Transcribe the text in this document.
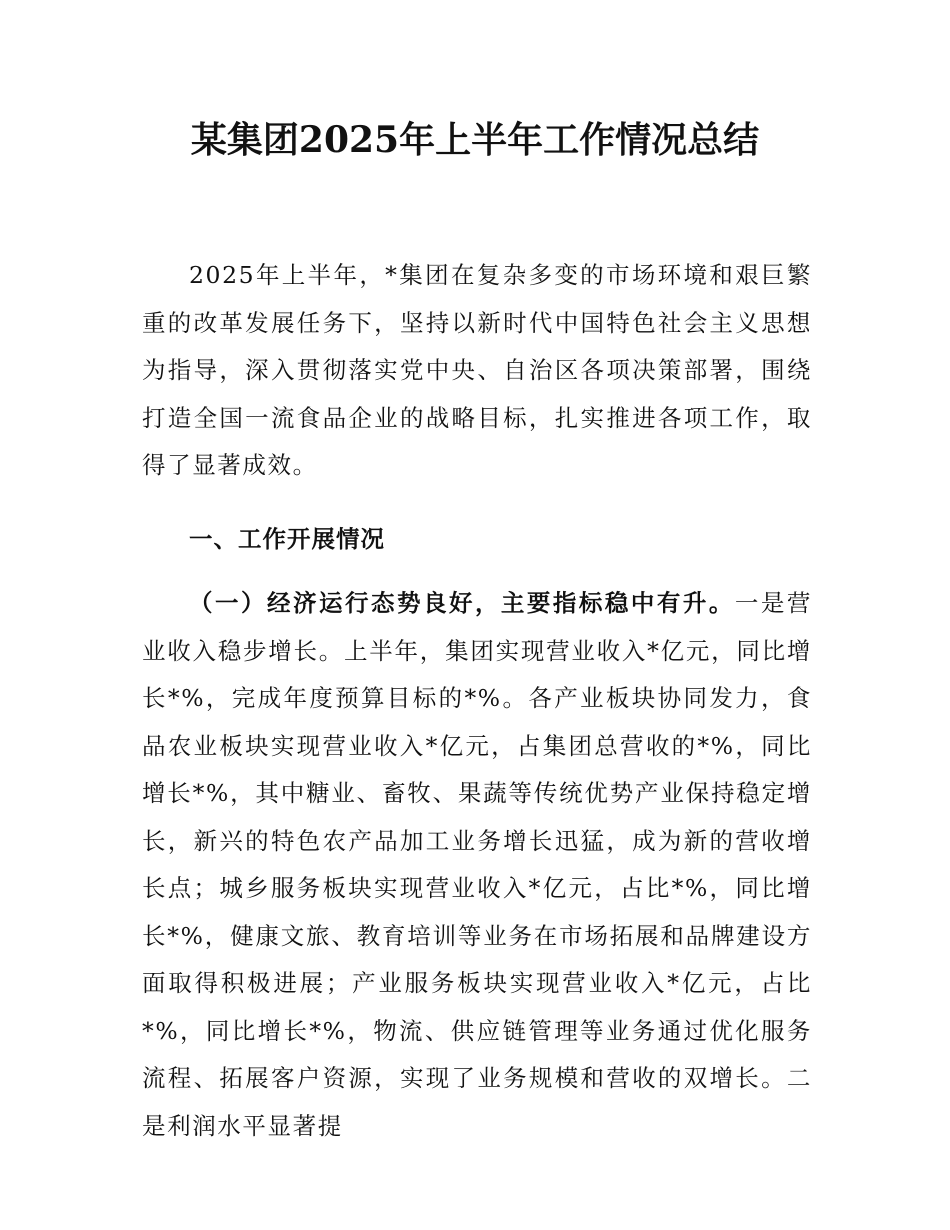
某集团2025年上半年工作情况总结

2025年上半年，*集团在复杂多变的市场环境和艰巨繁重的改革发展任务下，坚持以新时代中国特色社会主义思想为指导，深入贯彻落实党中央、自治区各项决策部署，围绕打造全国一流食品企业的战略目标，扎实推进各项工作，取得了显著成效。

一、工作开展情况

（一）经济运行态势良好，主要指标稳中有升。一是营业收入稳步增长。上半年，集团实现营业收入*亿元，同比增长*%，完成年度预算目标的*%。各产业板块协同发力，食品农业板块实现营业收入*亿元，占集团总营收的*%，同比增长*%，其中糖业、畜牧、果蔬等传统优势产业保持稳定增长，新兴的特色农产品加工业务增长迅猛，成为新的营收增长点；城乡服务板块实现营业收入*亿元，占比*%，同比增长*%，健康文旅、教育培训等业务在市场拓展和品牌建设方面取得积极进展；产业服务板块实现营业收入*亿元，占比*%，同比增长*%，物流、供应链管理等业务通过优化服务流程、拓展客户资源，实现了业务规模和营收的双增长。二是利润水平显著提
